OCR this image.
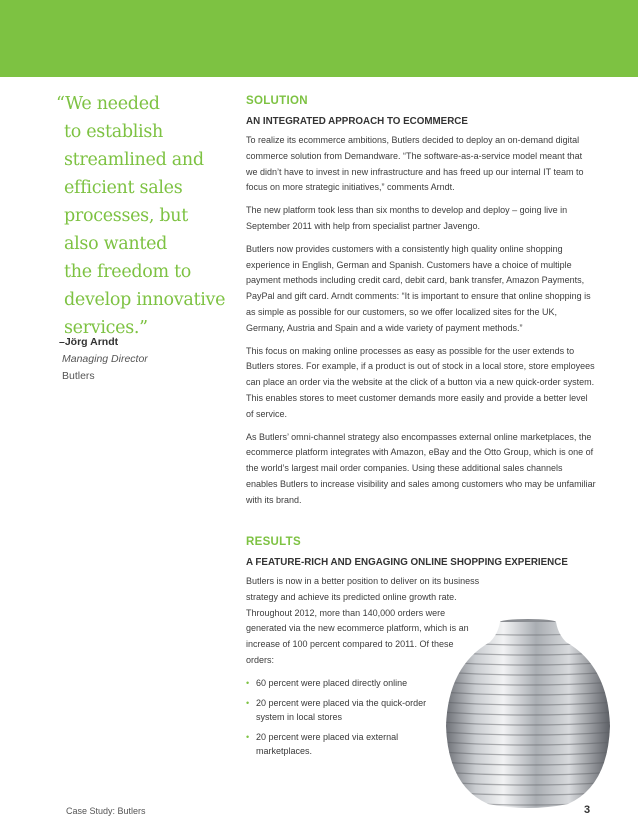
“We needed
to establish
streamlined and
efficient sales
processes, but
also wanted
the freedom to
develop innovative
services.”
–Jörg Arndt
Managing Director
Butlers
SOLUTION
AN INTEGRATED APPROACH TO ECOMMERCE

To realize its ecommerce ambitions, Butlers decided to deploy an on-demand digital commerce solution from Demandware. “The software-as-a-service model meant that we didn’t have to invest in new infrastructure and has freed up our internal IT team to focus on more strategic initiatives,” comments Arndt.

The new platform took less than six months to develop and deploy – going live in September 2011 with help from specialist partner Javengo.

Butlers now provides customers with a consistently high quality online shopping experience in English, German and Spanish. Customers have a choice of multiple payment methods including credit card, debit card, bank transfer, Amazon Payments, PayPal and gift card. Arndt comments: “It is important to ensure that online shopping is as simple as possible for our customers, so we offer localized sites for the UK, Germany, Austria and Spain and a wide variety of payment methods.”

This focus on making online processes as easy as possible for the user extends to Butlers stores. For example, if a product is out of stock in a local store, store employees can place an order via the website at the click of a button via a new quick-order system. This enables stores to meet customer demands more easily and provide a better level of service.

As Butlers’ omni-channel strategy also encompasses external online marketplaces, the ecommerce platform integrates with Amazon, eBay and the Otto Group, which is one of the world’s largest mail order companies. Using these additional sales channels enables Butlers to increase visibility and sales among customers who may be unfamiliar with its brand.

RESULTS
A FEATURE-RICH AND ENGAGING ONLINE SHOPPING EXPERIENCE

Butlers is now in a better position to deliver on its business strategy and achieve its predicted online growth rate. Throughout 2012, more than 140,000 orders were generated via the new ecommerce platform, which is an increase of 100 percent compared to 2011. Of these orders:

• 60 percent were placed directly online
• 20 percent were placed via the quick-order system in local stores
• 20 percent were placed via external marketplaces.
Case Study: Butlers	3
